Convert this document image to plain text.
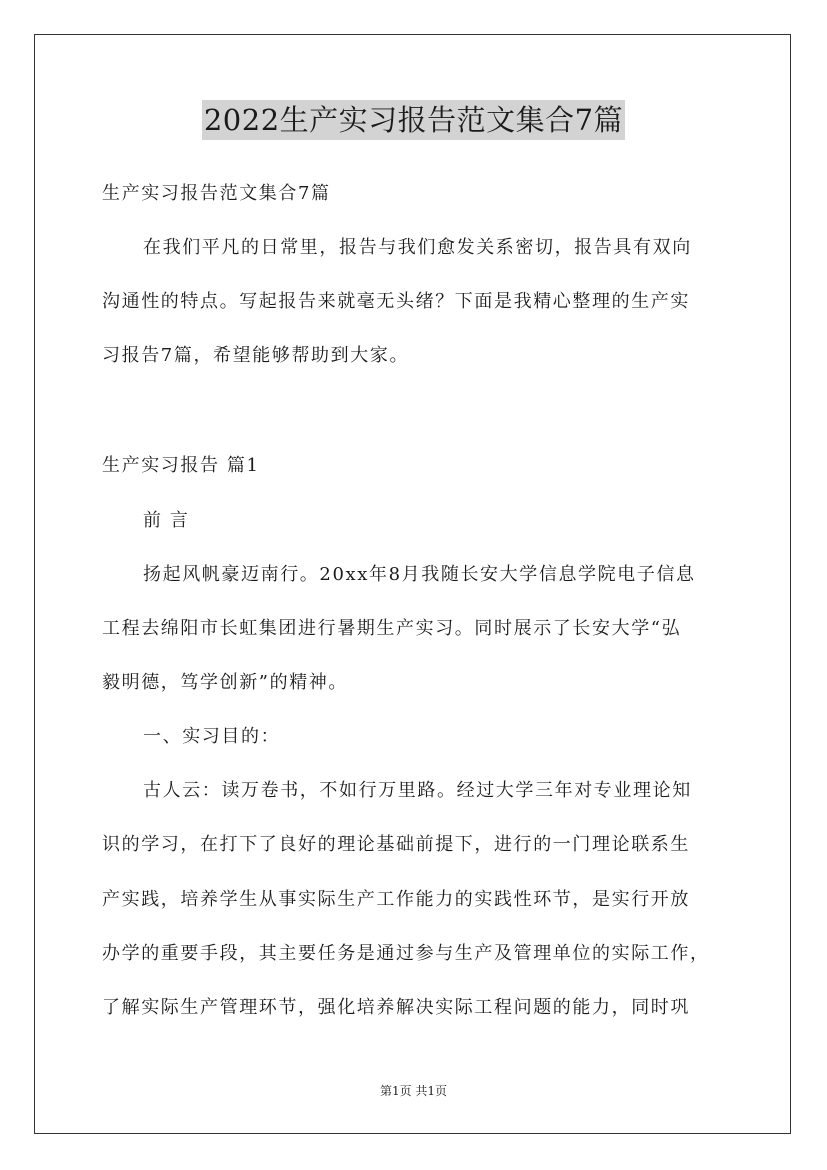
2022生产实习报告范文集合7篇
生产实习报告范文集合7篇
在我们平凡的日常里，报告与我们愈发关系密切，报告具有双向
沟通性的特点。写起报告来就毫无头绪？下面是我精心整理的生产实
习报告7篇，希望能够帮助到大家。
生产实习报告 篇1
前 言
扬起风帆豪迈南行。20xx年8月我随长安大学信息学院电子信息
工程去绵阳市长虹集团进行暑期生产实习。同时展示了长安大学“弘
毅明德，笃学创新”的精神。
一、实习目的：
古人云：读万卷书，不如行万里路。经过大学三年对专业理论知
识的学习，在打下了良好的理论基础前提下，进行的一门理论联系生
产实践，培养学生从事实际生产工作能力的实践性环节，是实行开放
办学的重要手段，其主要任务是通过参与生产及管理单位的实际工作，
了解实际生产管理环节，强化培养解决实际工程问题的能力，同时巩
第1页 共1页
